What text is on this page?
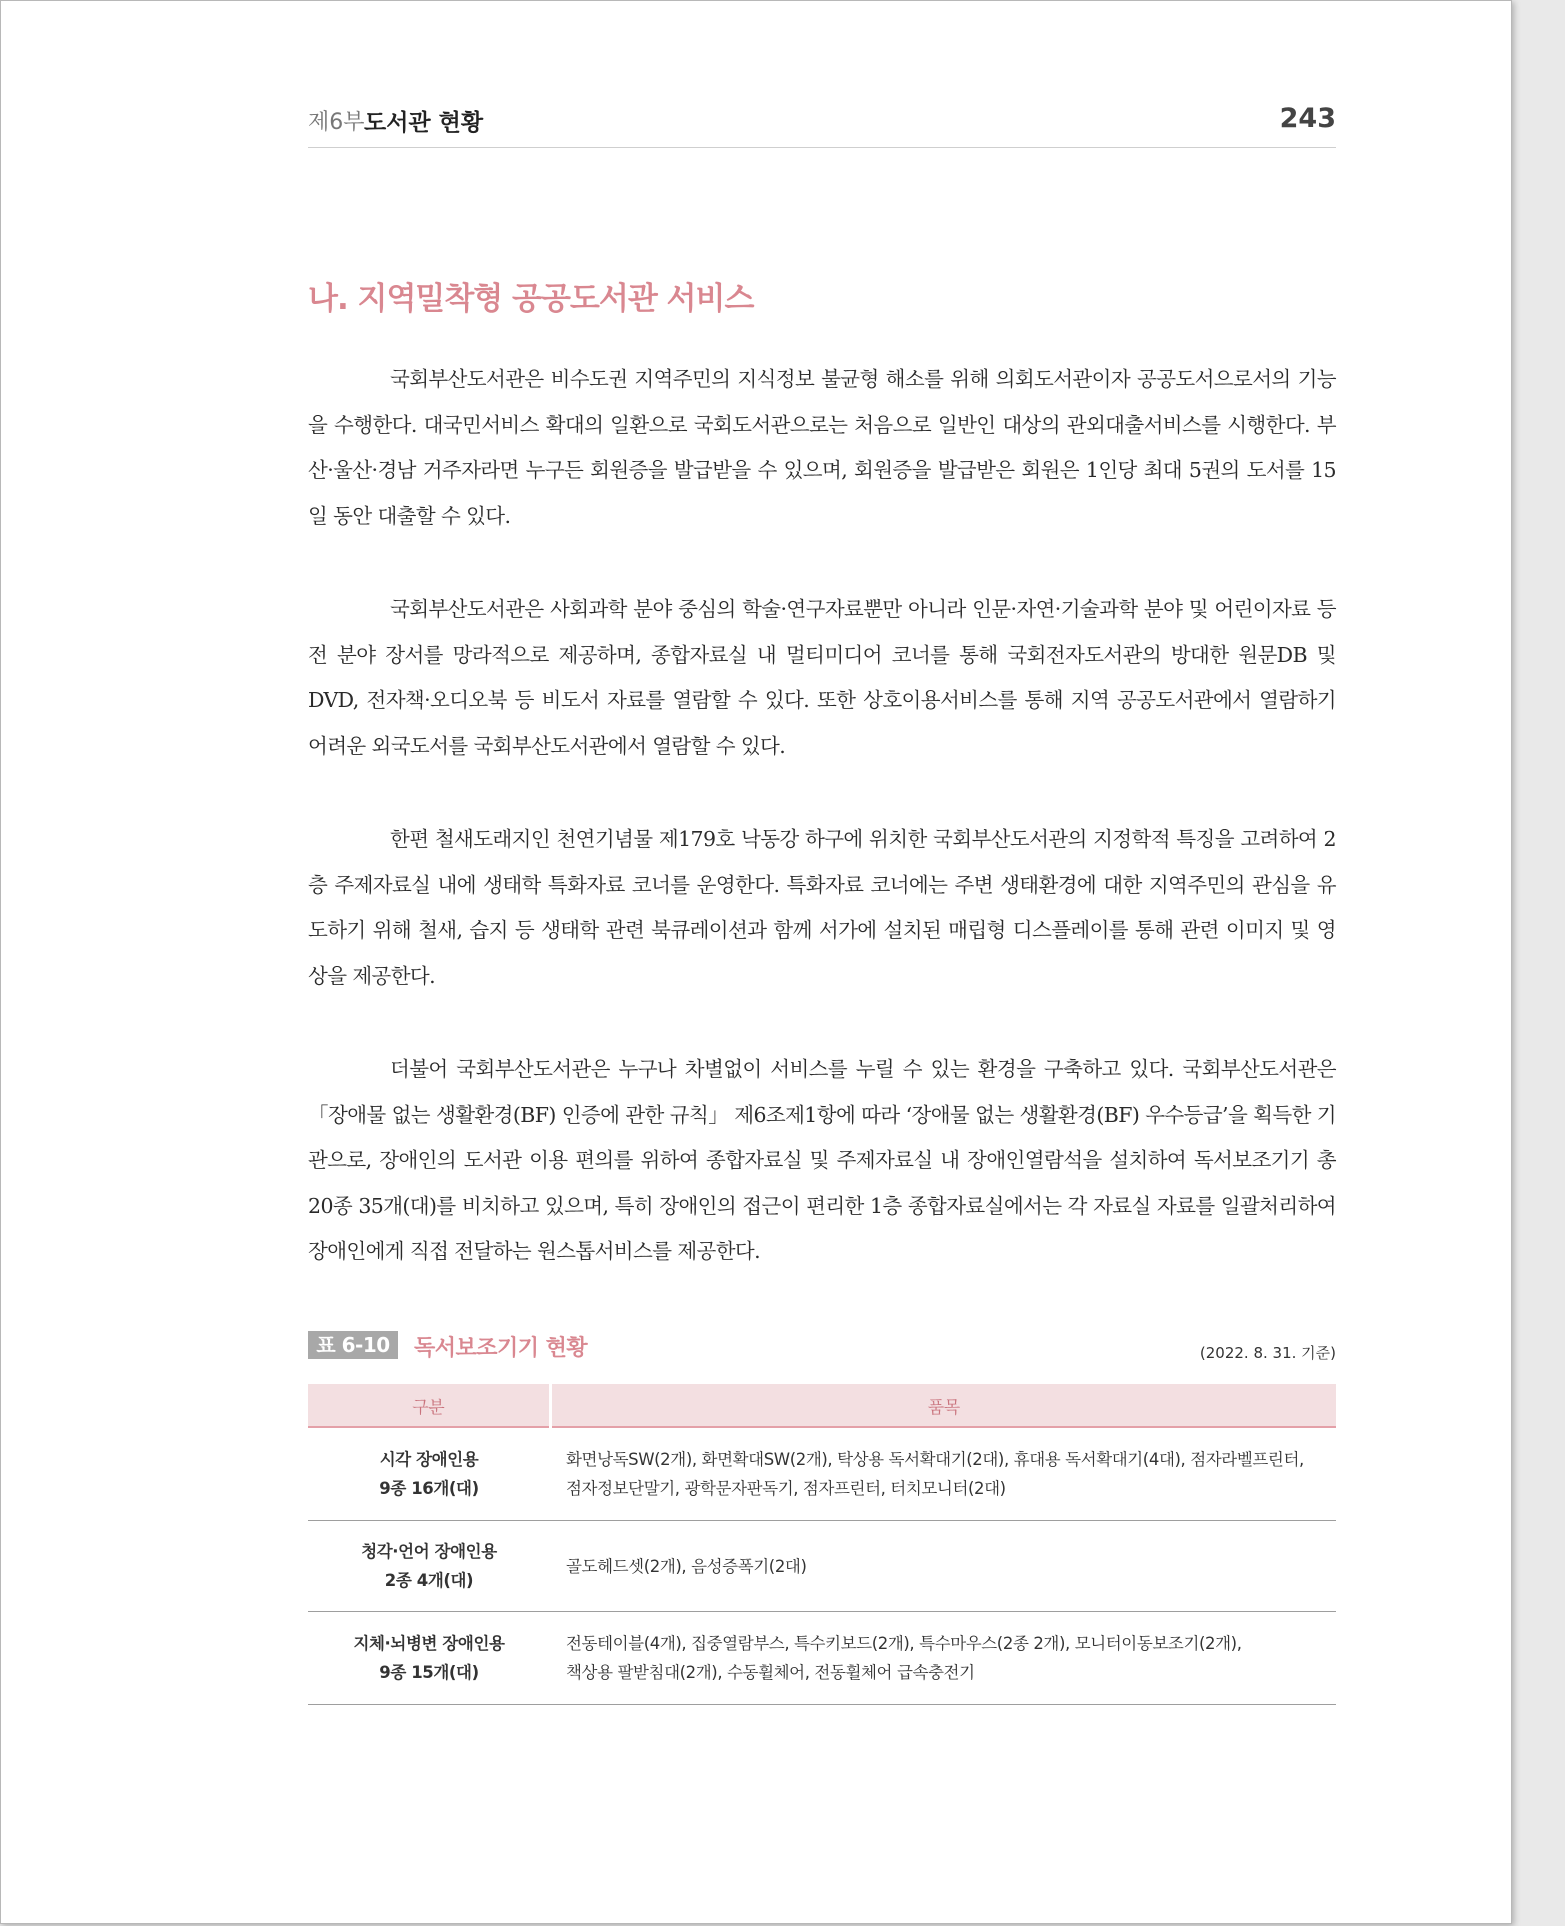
제6부 도서관 현황	243
나. 지역밀착형 공공도서관 서비스

국회부산도서관은 비수도권 지역주민의 지식정보 불균형 해소를 위해 의회도서관이자 공공도서으로서의 기능을 수행한다. 대국민서비스 확대의 일환으로 국회도서관으로는 처음으로 일반인 대상의 관외대출서비스를 시행한다. 부산·울산·경남 거주자라면 누구든 회원증을 발급받을 수 있으며, 회원증을 발급받은 회원은 1인당 최대 5권의 도서를 15일 동안 대출할 수 있다.

국회부산도서관은 사회과학 분야 중심의 학술·연구자료뿐만 아니라 인문·자연·기술과학 분야 및 어린이자료 등 전 분야 장서를 망라적으로 제공하며, 종합자료실 내 멀티미디어 코너를 통해 국회전자도서관의 방대한 원문DB 및 DVD, 전자책·오디오북 등 비도서 자료를 열람할 수 있다. 또한 상호이용서비스를 통해 지역 공공도서관에서 열람하기 어려운 외국도서를 국회부산도서관에서 열람할 수 있다.

한편 철새도래지인 천연기념물 제179호 낙동강 하구에 위치한 국회부산도서관의 지정학적 특징을 고려하여 2층 주제자료실 내에 생태학 특화자료 코너를 운영한다. 특화자료 코너에는 주변 생태환경에 대한 지역주민의 관심을 유도하기 위해 철새, 습지 등 생태학 관련 북큐레이션과 함께 서가에 설치된 매립형 디스플레이를 통해 관련 이미지 및 영상을 제공한다.

더불어 국회부산도서관은 누구나 차별없이 서비스를 누릴 수 있는 환경을 구축하고 있다. 국회부산도서관은 「장애물 없는 생활환경(BF) 인증에 관한 규칙」 제6조제1항에 따라 ‘장애물 없는 생활환경(BF) 우수등급’을 획득한 기관으로, 장애인의 도서관 이용 편의를 위하여 종합자료실 및 주제자료실 내 장애인열람석을 설치하여 독서보조기기 총 20종 35개(대)를 비치하고 있으며, 특히 장애인의 접근이 편리한 1층 종합자료실에서는 각 자료실 자료를 일괄처리하여 장애인에게 직접 전달하는 원스톱서비스를 제공한다.

표 6-10	독서보조기기 현황	(2022. 8. 31. 기준)
구분	품목

시각 장애인용
9종 16개(대)	화면낭독SW(2개), 화면확대SW(2개), 탁상용 독서확대기(2대), 휴대용 독서확대기(4대), 점자라벨프린터,
점자정보단말기, 광학문자판독기, 점자프린터, 터치모니터(2대)

청각·언어 장애인용
2종 4개(대)	골도헤드셋(2개), 음성증폭기(2대)

지체·뇌병변 장애인용
9종 15개(대)	전동테이블(4개), 집중열람부스, 특수키보드(2개), 특수마우스(2종 2개), 모니터이동보조기(2개),
책상용 팔받침대(2개), 수동휠체어, 전동휠체어 급속충전기
